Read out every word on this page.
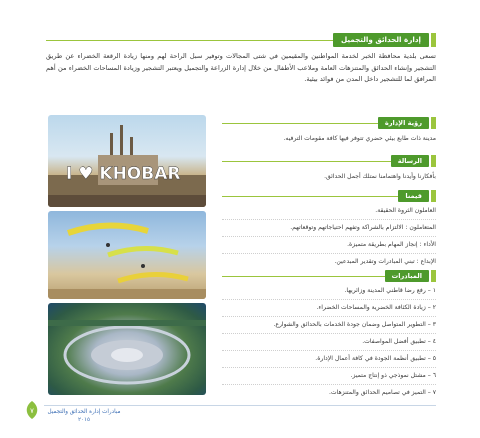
إدارة الحدائق والتجميل
تسعى بلدية محافظة الخبر لخدمة المواطنين والمقيمين في شتى المجالات وتوفير سبل الراحة لهم ومنها زيادة الرقعة الخضراء عن طريق التشجير وإنشاء الحدائق والمتنزهات العامة وملاعب الأطفال من خلال إدارة الزراعة والتجميل ويعتبر التشجير وزيادة المساحات الخضراء من أهم المرافق لما للتشجير داخل المدن من فوائد بيئية.
I ♥ KHOBAR
رؤية الإدارة

مدينة ذات طابع بيئي حضري تتوفر فيها كافة مقومات الترفيه.

الرسالة

بأفكارنا وأيدنا واهتمامنا نمتلك أجمل الحدائق.

قيمنا

العاملون الثروة الحقيقة.

المتعاملون : الالتزام بالشراكة وتفهم احتياجاتهم وتوقعاتهم.

الأداء : إنجاز المهام بطريقة متميزة.

الإبداع : تبني المبادرات وتقدير المبدعين.

المبادرات

١ – رفع رضا قاطني المدينة وزائريها.

٢ – زيادة الكثافة الخضرية والمساحات الخضراء.

٣ – التطوير المتواصل وضمان جودة الخدمات بالحدائق والشوارع.

٤ – تطبيق أفضل المواصفات.

٥ – تطبيق أنظمة الجودة في كافة أعمال الإدارة.

٦ – مشتل نموذجي ذو إنتاج متميز.

٧ – التميز في تصاميم الحدائق والمتنزهات.

٧	مبادرات إدارة الحدائق والتجميل
٢٠١٥
